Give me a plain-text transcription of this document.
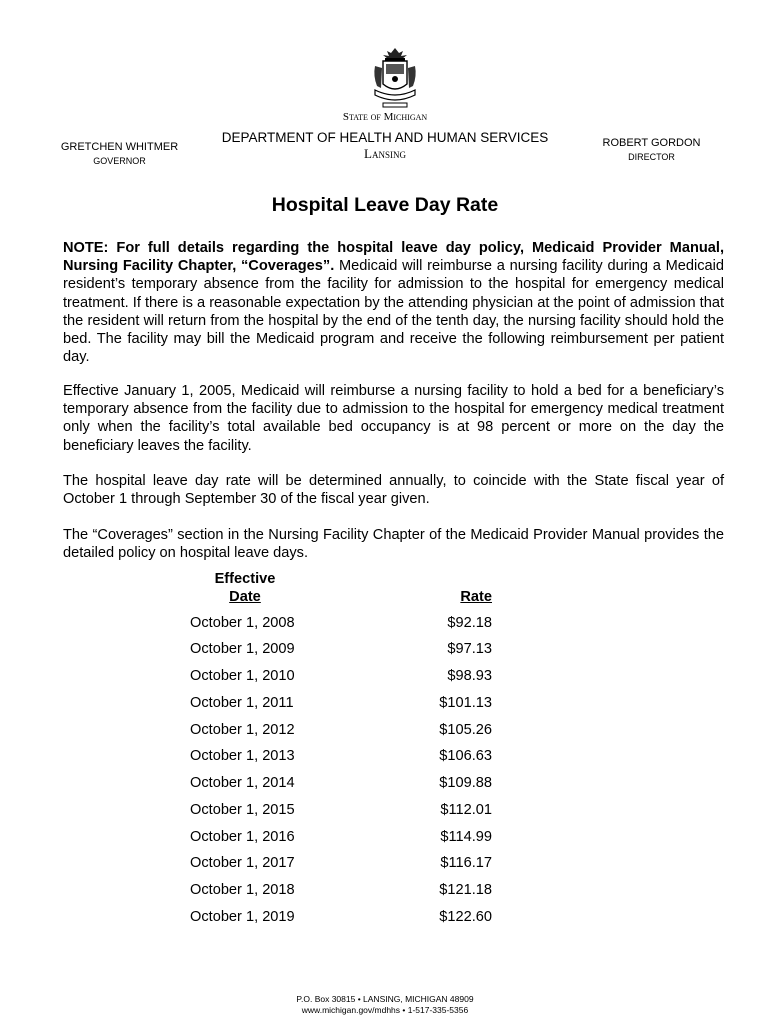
State of Michigan
DEPARTMENT OF HEALTH AND HUMAN SERVICES
Lansing
GRETCHEN WHITMER
GOVERNOR
ROBERT GORDON
DIRECTOR
Hospital Leave Day Rate

NOTE: For full details regarding the hospital leave day policy, Medicaid Provider Manual, Nursing Facility Chapter, “Coverages”. Medicaid will reimburse a nursing facility during a Medicaid resident’s temporary absence from the facility for admission to the hospital for emergency medical treatment. If there is a reasonable expectation by the attending physician at the point of admission that the resident will return from the hospital by the end of the tenth day, the nursing facility should hold the bed. The facility may bill the Medicaid program and receive the following reimbursement per patient day.

Effective January 1, 2005, Medicaid will reimburse a nursing facility to hold a bed for a beneficiary’s temporary absence from the facility due to admission to the hospital for emergency medical treatment only when the facility’s total available bed occupancy is at 98 percent or more on the day the beneficiary leaves the facility.

The hospital leave day rate will be determined annually, to coincide with the State fiscal year of October 1 through September 30 of the fiscal year given.

The “Coverages” section in the Nursing Facility Chapter of the Medicaid Provider Manual provides the detailed policy on hospital leave days.

Effective
Date	Rate
October 1, 2008	$92.18
October 1, 2009	$97.13
October 1, 2010	$98.93
October 1, 2011	$101.13
October 1, 2012	$105.26
October 1, 2013	$106.63
October 1, 2014	$109.88
October 1, 2015	$112.01
October 1, 2016	$114.99
October 1, 2017	$116.17
October 1, 2018	$121.18
October 1, 2019	$122.60
P.O. Box 30815 • LANSING, MICHIGAN 48909
www.michigan.gov/mdhhs • 1-517-335-5356
